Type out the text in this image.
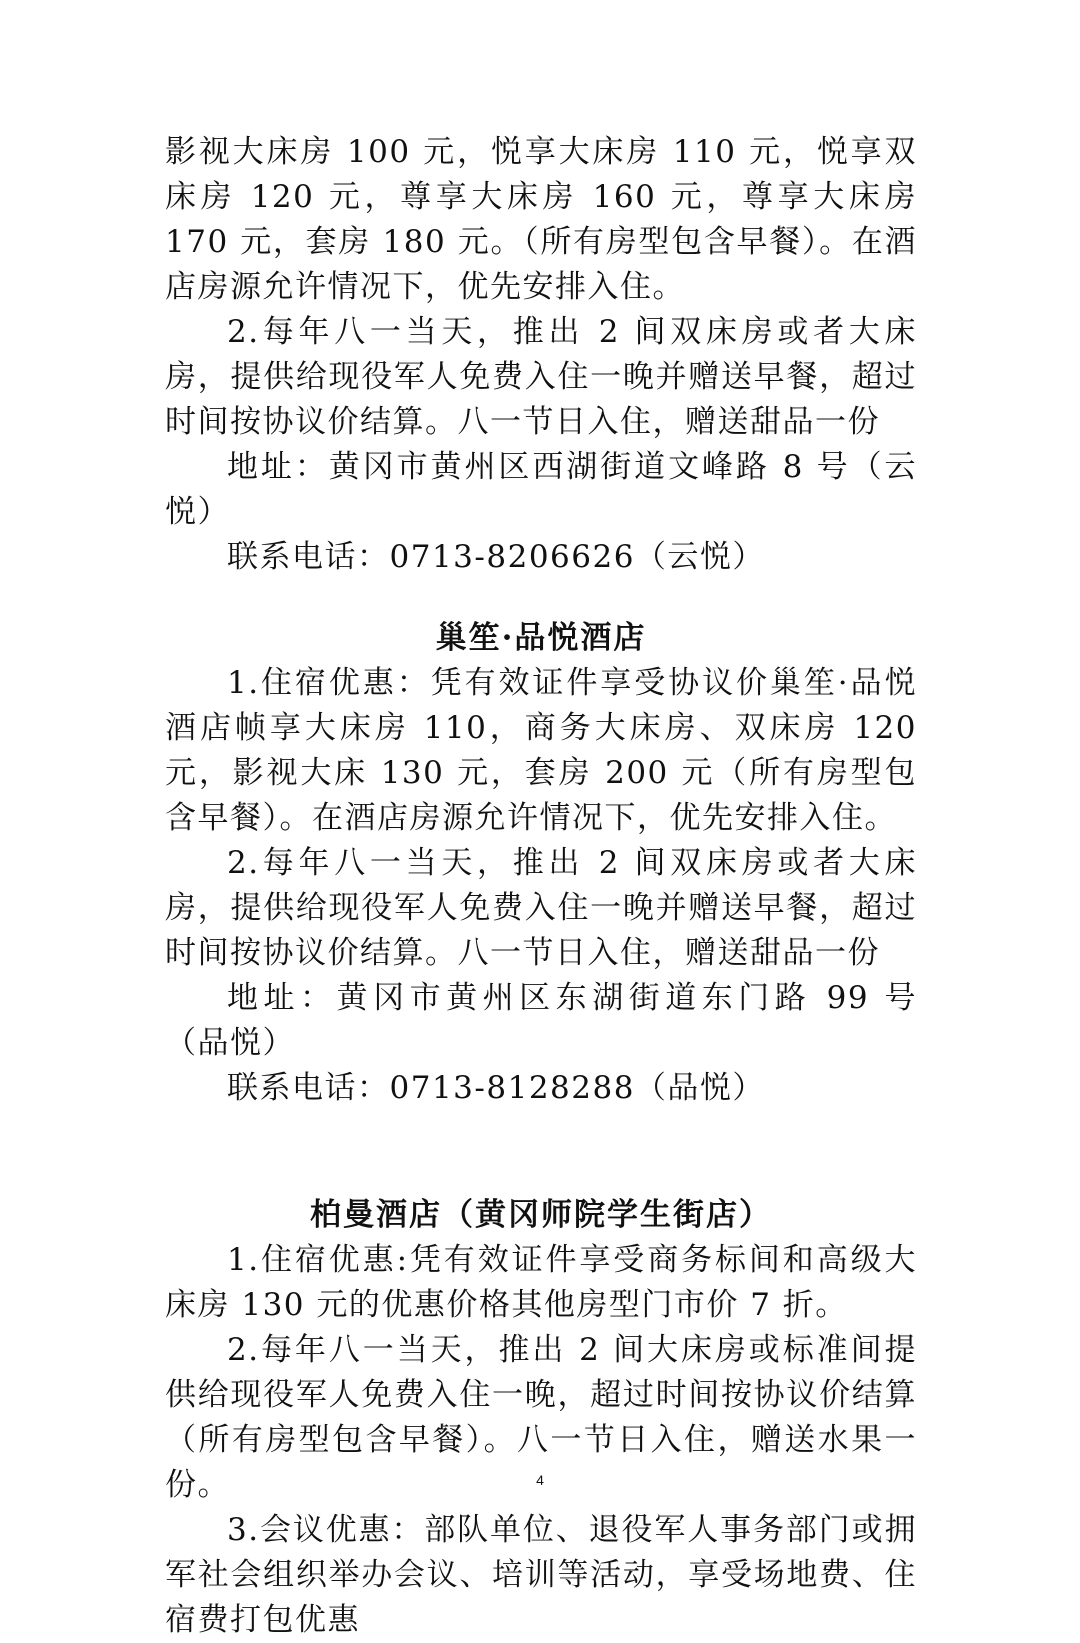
影视大床房 100 元，悦享大床房 110 元，悦享双床房 120 元，尊享大床房 160 元，尊享大床房 170 元，套房 180 元。（所有房型包含早餐）。在酒店房源允许情况下，优先安排入住。

2.每年八一当天，推出 2 间双床房或者大床房，提供给现役军人免费入住一晚并赠送早餐，超过时间按协议价结算。八一节日入住，赠送甜品一份

地址：黄冈市黄州区西湖街道文峰路 8 号（云悦）

联系电话：0713-8206626（云悦）

巢笙·品悦酒店

1.住宿优惠：凭有效证件享受协议价巢笙·品悦酒店帧享大床房 110，商务大床房、双床房 120 元，影视大床 130 元，套房 200 元（所有房型包含早餐）。在酒店房源允许情况下，优先安排入住。

2.每年八一当天，推出 2 间双床房或者大床房，提供给现役军人免费入住一晚并赠送早餐，超过时间按协议价结算。八一节日入住，赠送甜品一份

地址：黄冈市黄州区东湖街道东门路 99 号 （品悦）

联系电话：0713-8128288（品悦）

柏曼酒店（黄冈师院学生街店）

1.住宿优惠:凭有效证件享受商务标间和高级大床房 130 元的优惠价格其他房型门市价 7 折。

2.每年八一当天，推出 2 间大床房或标准间提供给现役军人免费入住一晚，超过时间按协议价结算（所有房型包含早餐）。八一节日入住，赠送水果一份。

3.会议优惠：部队单位、退役军人事务部门或拥军社会组织举办会议、培训等活动，享受场地费、住宿费打包优惠

4
